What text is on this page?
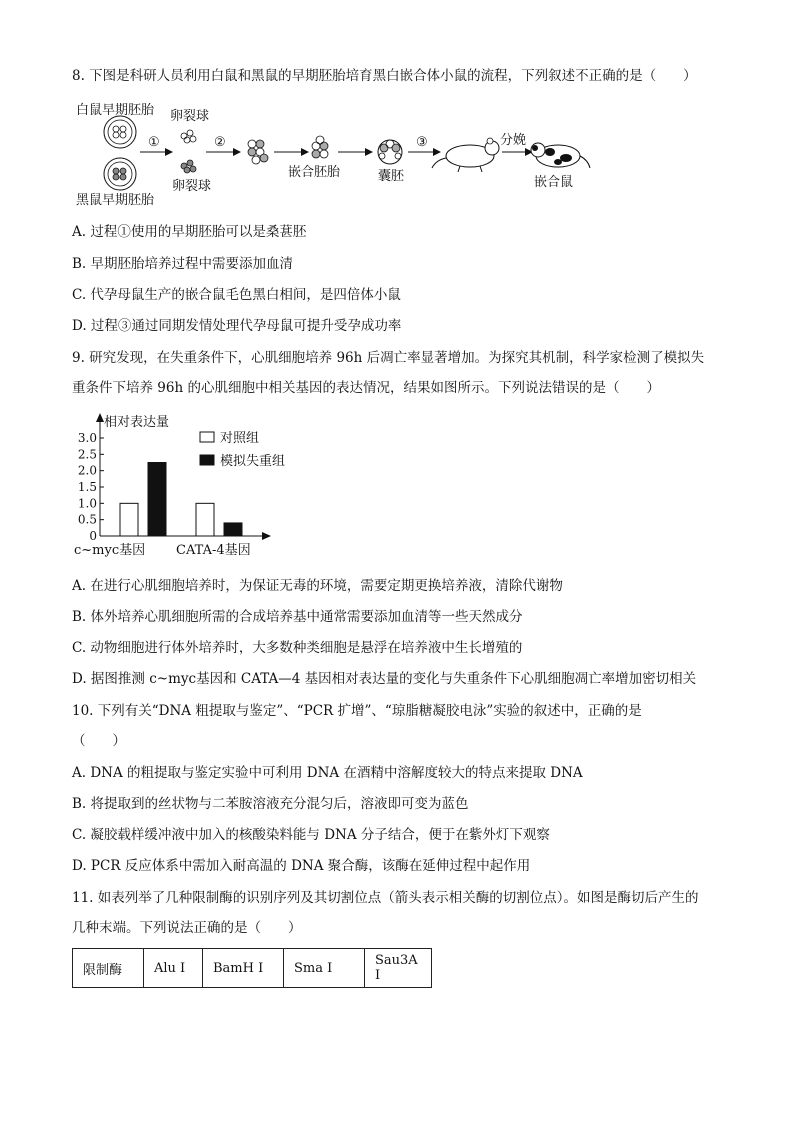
8. 下图是科研人员利用白鼠和黑鼠的早期胚胎培育黑白嵌合体小鼠的流程，下列叙述不正确的是（　　）
白鼠早期胚胎
黑鼠早期胚胎
卵裂球
卵裂球
①	②
嵌合胚胎	囊胚
③	分娩
嵌合鼠
A. 过程①使用的早期胚胎可以是桑葚胚
B. 早期胚胎培养过程中需要添加血清
C. 代孕母鼠生产的嵌合鼠毛色黑白相间，是四倍体小鼠
D. 过程③通过同期发情处理代孕母鼠可提升受孕成功率
9. 研究发现，在失重条件下，心肌细胞培养 96h 后凋亡率显著增加。为探究其机制，科学家检测了模拟失
重条件下培养 96h 的心肌细胞中相关基因的表达情况，结果如图所示。下列说法错误的是（　　）
相对表达量
0
0.5
1.0
1.5
2.0
2.5
3.0
c~myc基因 CATA-4基因
对照组
模拟失重组
A. 在进行心肌细胞培养时，为保证无毒的环境，需要定期更换培养液，清除代谢物
B. 体外培养心肌细胞所需的合成培养基中通常需要添加血清等一些天然成分
C. 动物细胞进行体外培养时，大多数种类细胞是悬浮在培养液中生长增殖的
D. 据图推测 c~myc基因和 CATA—4 基因相对表达量的变化与失重条件下心肌细胞凋亡率增加密切相关
10. 下列有关“DNA 粗提取与鉴定”、“PCR 扩增”、“琼脂糖凝胶电泳”实验的叙述中，正确的是
（　　）
A. DNA 的粗提取与鉴定实验中可利用 DNA 在酒精中溶解度较大的特点来提取 DNA
B. 将提取到的丝状物与二苯胺溶液充分混匀后，溶液即可变为蓝色
C. 凝胶载样缓冲液中加入的核酸染料能与 DNA 分子结合，便于在紫外灯下观察
D. PCR 反应体系中需加入耐高温的 DNA 聚合酶，该酶在延伸过程中起作用
11. 如表列举了几种限制酶的识别序列及其切割位点（箭头表示相关酶的切割位点）。如图是酶切后产生的
几种末端。下列说法正确的是（　　）
限制酶	Alu Ⅰ	BamH Ⅰ	Sma Ⅰ	Sau3A Ⅰ
